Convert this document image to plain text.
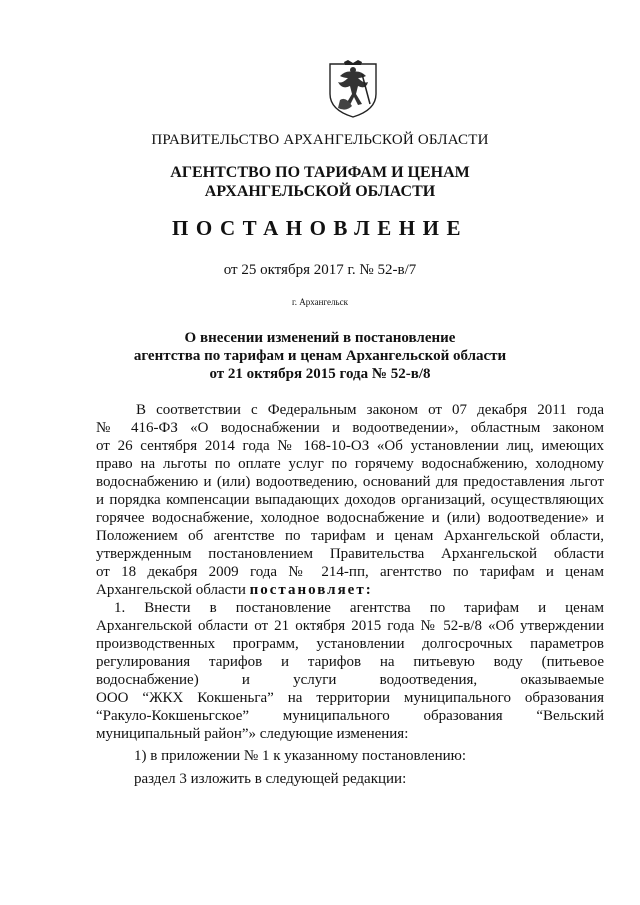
ПРАВИТЕЛЬСТВО АРХАНГЕЛЬСКОЙ ОБЛАСТИ
АГЕНТСТВО ПО ТАРИФАМ И ЦЕНАМ
АРХАНГЕЛЬСКОЙ ОБЛАСТИ
ПОСТАНОВЛЕНИЕ
от 25 октября 2017 г. № 52-в/7
г. Архангельск
О внесении изменений в постановление
агентства по тарифам и ценам Архангельской области
от 21 октября 2015 года № 52-в/8
В соответствии с Федеральным законом от 07 декабря 2011 года
№ 416-ФЗ «О водоснабжении и водоотведении», областным законом
от 26 сентября 2014 года № 168-10-ОЗ «Об установлении лиц, имеющих
право на льготы по оплате услуг по горячему водоснабжению, холодному
водоснабжению и (или) водоотведению, оснований для предоставления льгот
и порядка компенсации выпадающих доходов организаций, осуществляющих
горячее водоснабжение, холодное водоснабжение и (или) водоотведение» и
Положением об агентстве по тарифам и ценам Архангельской области,
утвержденным постановлением Правительства Архангельской области
от 18 декабря 2009 года № 214-пп, агентство по тарифам и ценам
Архангельской области постановляет:
1. Внести в постановление агентства по тарифам и ценам
Архангельской области от 21 октября 2015 года № 52-в/8 «Об утверждении
производственных программ, установлении долгосрочных параметров
регулирования тарифов и тарифов на питьевую воду (питьевое
водоснабжение) и услуги водоотведения, оказываемые
ООО “ЖКХ Кокшеньга” на территории муниципального образования
“Ракуло-Кокшеньгское” муниципального образования “Вельский
муниципальный район”» следующие изменения:
1) в приложении № 1 к указанному постановлению:
раздел 3 изложить в следующей редакции:
